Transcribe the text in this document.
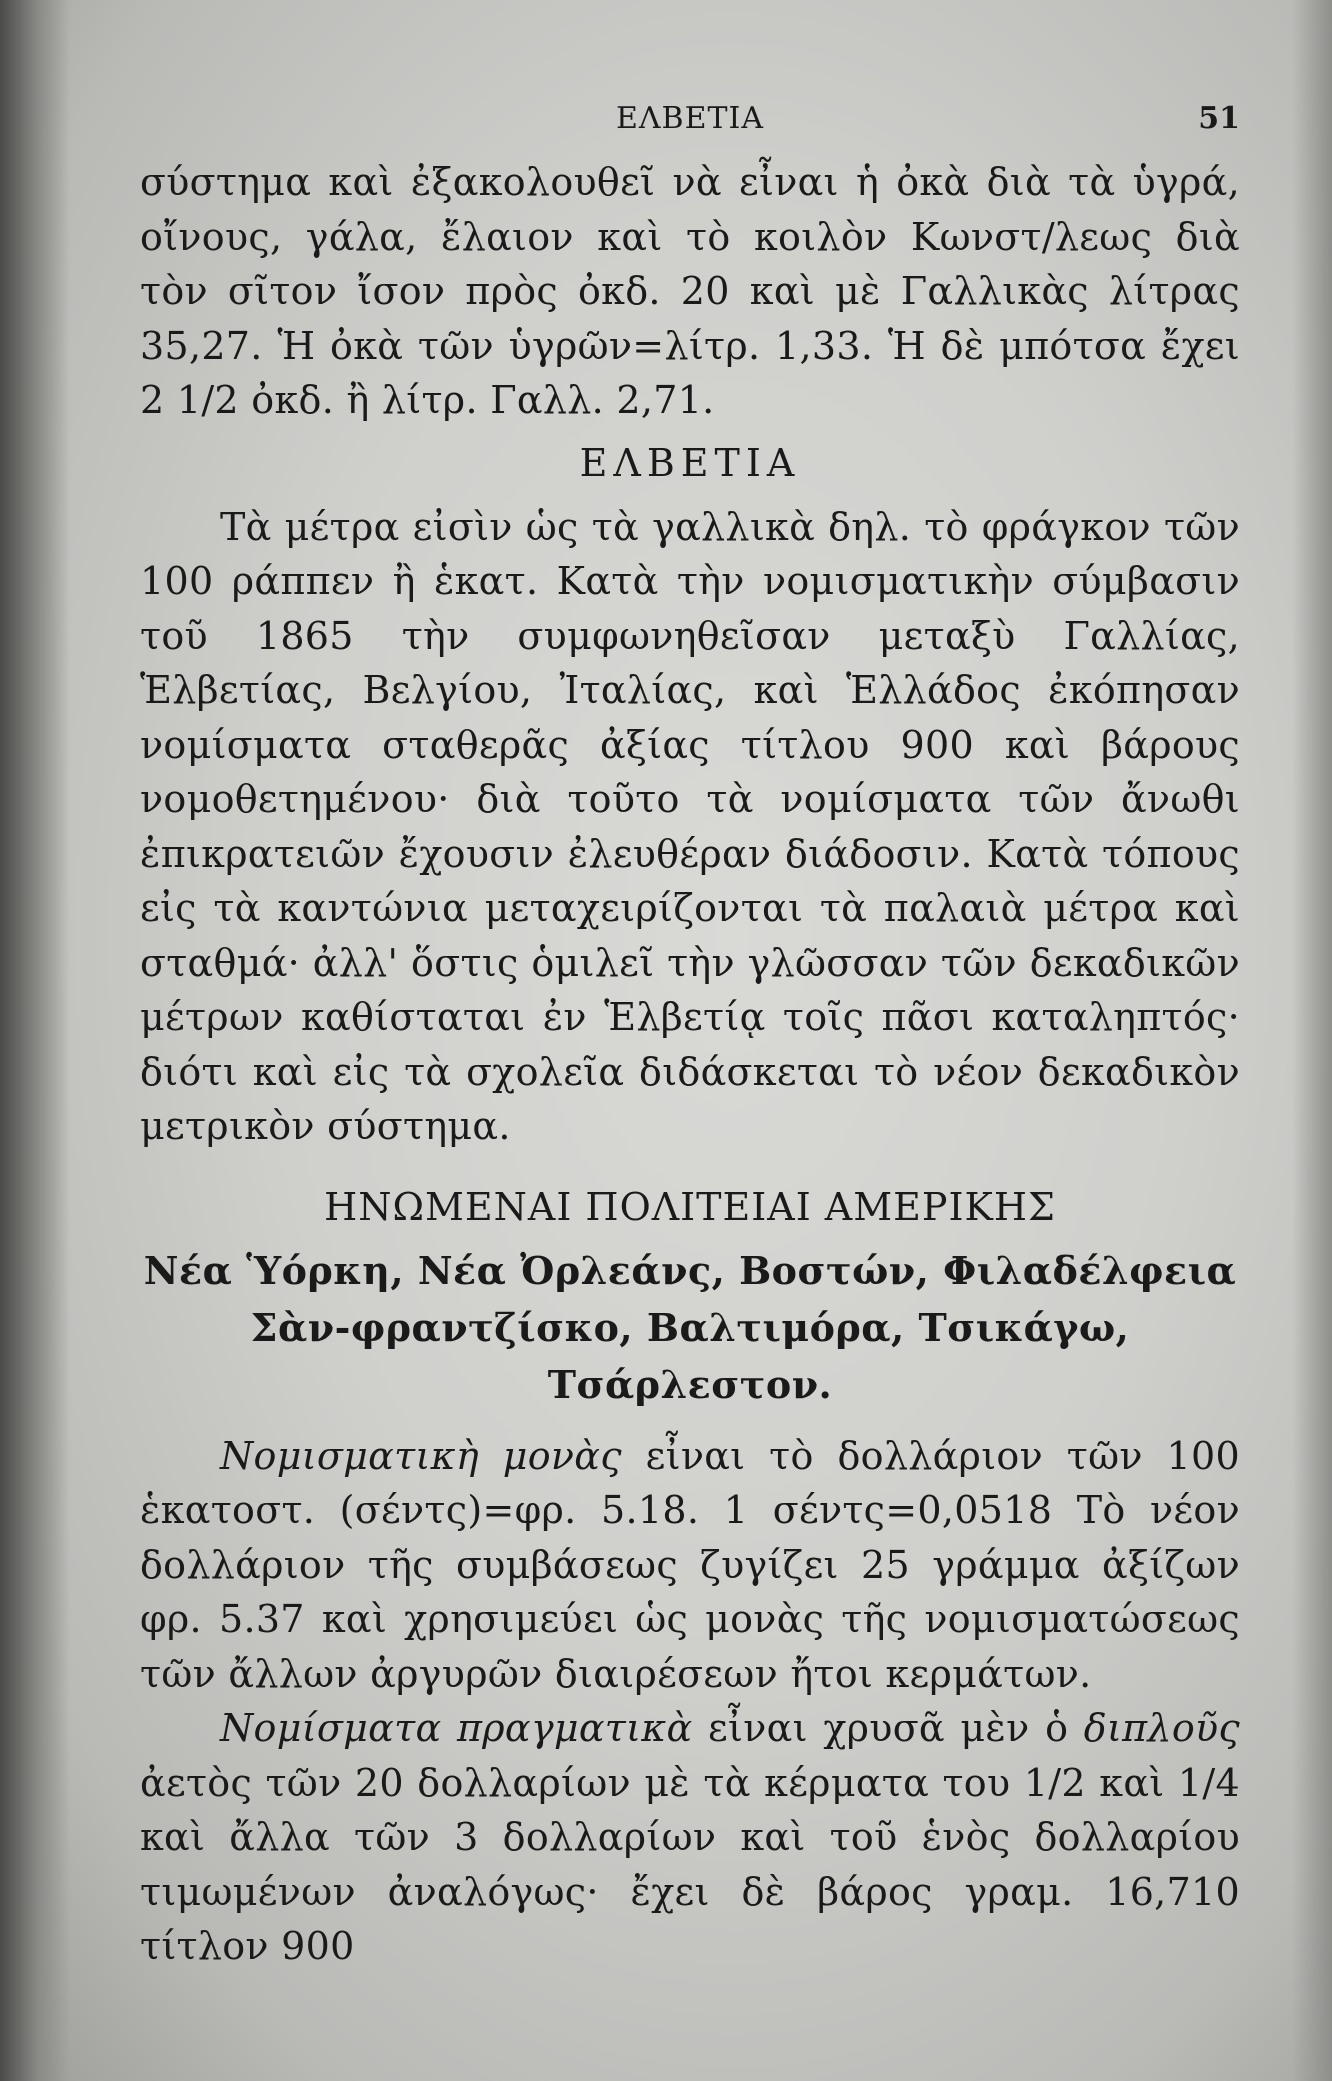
ΕΛΒΕΤΙΑ	51

σύστημα καὶ ἐξακολουθεῖ νὰ εἶναι ἡ ὀκὰ διὰ τὰ ὑγρά, οἴνους, γάλα, ἔλαιον καὶ τὸ κοιλὸν Κωνστ/λεως διὰ τὸν σῖτον ἴσον πρὸς ὀκδ. 20 καὶ μὲ Γαλλικὰς λίτρας 35,27. Ἡ ὀκὰ τῶν ὑγρῶν=λίτρ. 1,33. Ἡ δὲ μπότσα ἔχει 2 1/2 ὀκδ. ἢ λίτρ. Γαλλ. 2,71.

ΕΛΒΕΤΙΑ

Τὰ μέτρα εἰσὶν ὡς τὰ γαλλικὰ δηλ. τὸ φράγκον τῶν 100 ράππεν ἢ ἑκατ. Κατὰ τὴν νομισματικὴν σύμβασιν τοῦ 1865 τὴν συμφωνηθεῖσαν μεταξὺ Γαλλίας, Ἑλβετίας, Βελγίου, Ἰταλίας, καὶ Ἑλλάδος ἐκόπησαν νομίσματα σταθερᾶς ἀξίας τίτλου 900 καὶ βάρους νομοθετημένου· διὰ τοῦτο τὰ νομίσματα τῶν ἄνωθι ἐπικρατειῶν ἔχουσιν ἐλευθέραν διάδοσιν. Κατὰ τόπους εἰς τὰ καντώνια μεταχειρίζονται τὰ παλαιὰ μέτρα καὶ σταθμά· ἀλλ' ὅστις ὁμιλεῖ τὴν γλῶσσαν τῶν δεκαδικῶν μέτρων καθίσταται ἐν Ἑλβετίᾳ τοῖς πᾶσι καταληπτός· διότι καὶ εἰς τὰ σχολεῖα διδάσκεται τὸ νέον δεκαδικὸν μετρικὸν σύστημα.

ΗΝΩΜΕΝΑΙ ΠΟΛΙΤΕΙΑΙ ΑΜΕΡΙΚΗΣ
Νέα Ὑόρκη, Νέα Ὀρλεάνς, Βοστών, Φιλαδέλφεια Σὰν-φραντζίσκο, Βαλτιμόρα, Τσικάγω, Τσάρλεστον.

Νομισματικὴ μονὰς εἶναι τὸ δολλάριον τῶν 100 ἑκατοστ. (σέντς)=φρ. 5.18. 1 σέντς=0,0518 Τὸ νέον δολλάριον τῆς συμβάσεως ζυγίζει 25 γράμμα ἀξίζων φρ. 5.37 καὶ χρησιμεύει ὡς μονὰς τῆς νομισματώσεως τῶν ἄλλων ἀργυρῶν διαιρέσεων ἤτοι κερμάτων.

Νομίσματα πραγματικὰ εἶναι χρυσᾶ μὲν ὁ διπλοῦς ἀετὸς τῶν 20 δολλαρίων μὲ τὰ κέρματα του 1/2 καὶ 1/4 καὶ ἄλλα τῶν 3 δολλαρίων καὶ τοῦ ἑνὸς δολλαρίου τιμωμένων ἀναλόγως· ἔχει δὲ βάρος γραμ. 16,710 τίτλον 900
